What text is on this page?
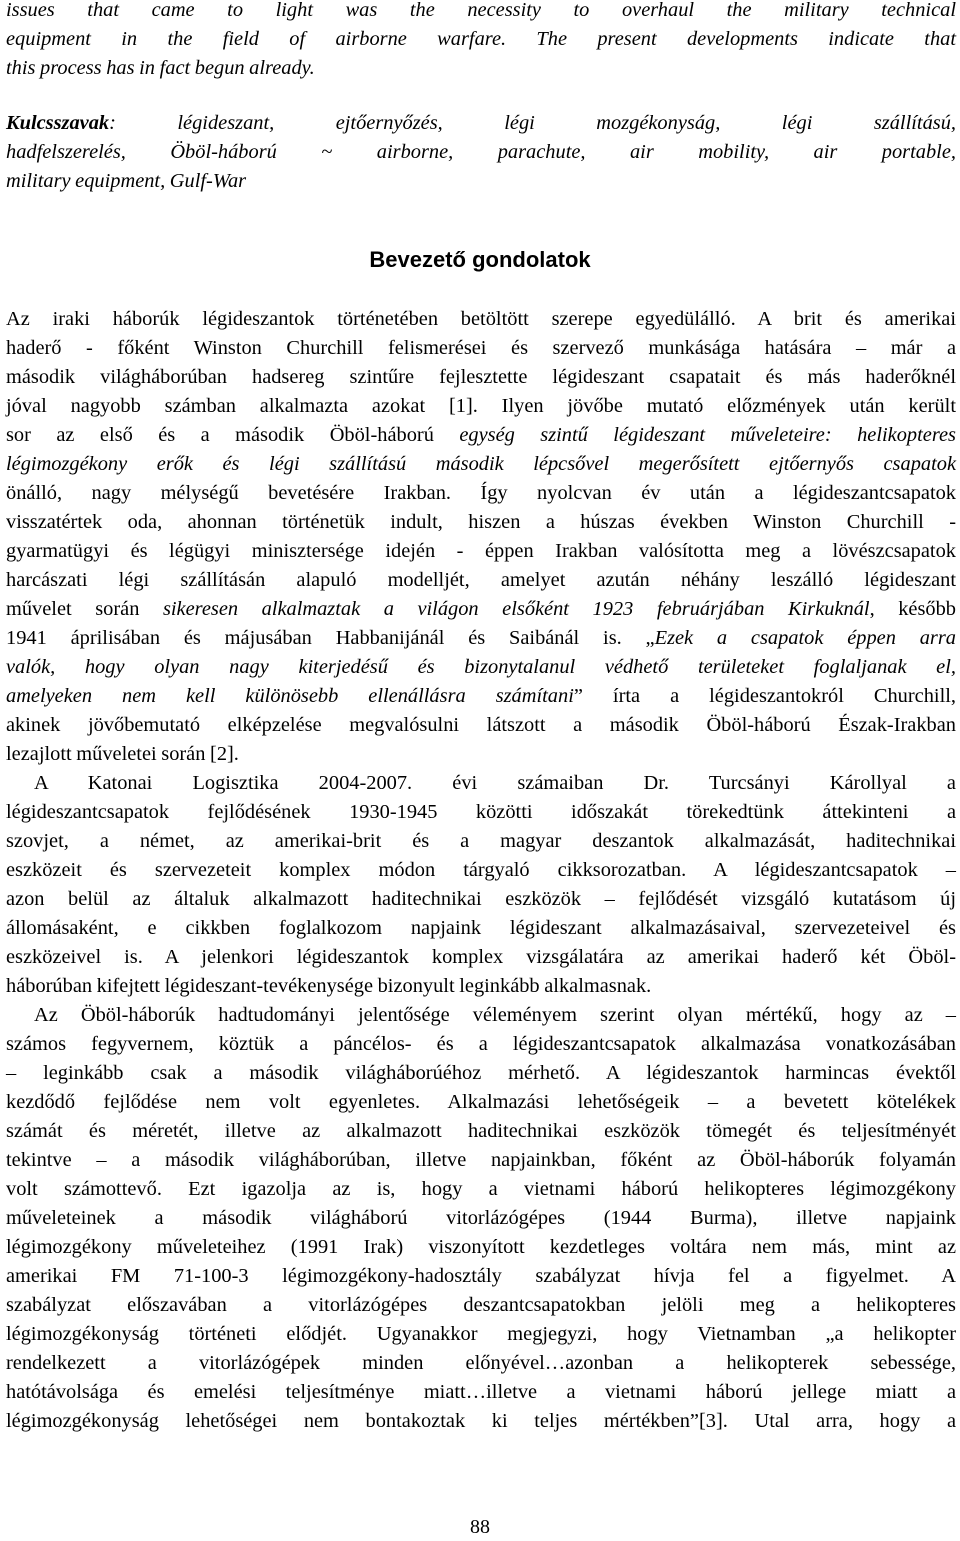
issues that came to light was the necessity to overhaul the military technical
equipment in the field of airborne warfare. The present developments indicate that
this process has in fact begun already.
Kulcsszavak: légideszant, ejtőernyőzés, légi mozgékonyság, légi szállítású,
hadfelszerelés, Öböl-háború ~ airborne, parachute, air mobility, air portable,
military equipment, Gulf-War
Bevezető gondolatok
Az iraki háborúk légideszantok történetében betöltött szerepe egyedülálló. A brit és amerikai
haderő - főként Winston Churchill felismerései és szervező munkásága hatására – már a
második világháborúban hadsereg szintűre fejlesztette légideszant csapatait és más haderőknél
jóval nagyobb számban alkalmazta azokat [1]. Ilyen jövőbe mutató előzmények után került
sor az első és a második Öböl-háború egység szintű légideszant műveleteire: helikopteres
légimozgékony erők és légi szállítású második lépcsővel megerősített ejtőernyős csapatok
önálló, nagy mélységű bevetésére Irakban. Így nyolcvan év után a légideszantcsapatok
visszatértek oda, ahonnan történetük indult, hiszen a húszas években Winston Churchill -
gyarmatügyi és légügyi minisztersége idején - éppen Irakban valósította meg a lövészcsapatok
harcászati légi szállításán alapuló modelljét, amelyet azután néhány leszálló légideszant
művelet során sikeresen alkalmaztak a világon elsőként 1923 februárjában Kirkuknál, később
1941 áprilisában és májusában Habbanijánál és Saibánál is. „Ezek a csapatok éppen arra
valók, hogy olyan nagy kiterjedésű és bizonytalanul védhető területeket foglaljanak el,
amelyeken nem kell különösebb ellenállásra számítani” írta a légideszantokról Churchill,
akinek jövőbemutató elképzelése megvalósulni látszott a második Öböl-háború Észak-Irakban
lezajlott műveletei során [2].
A Katonai Logisztika 2004-2007. évi számaiban Dr. Turcsányi Károllyal a
légideszantcsapatok fejlődésének 1930-1945 közötti időszakát törekedtünk áttekinteni a
szovjet, a német, az amerikai-brit és a magyar deszantok alkalmazását, haditechnikai
eszközeit és szervezeteit komplex módon tárgyaló cikksorozatban. A légideszantcsapatok –
azon belül az általuk alkalmazott haditechnikai eszközök – fejlődését vizsgáló kutatásom új
állomásaként, e cikkben foglalkozom napjaink légideszant alkalmazásaival, szervezeteivel és
eszközeivel is. A jelenkori légideszantok komplex vizsgálatára az amerikai haderő két Öböl-
háborúban kifejtett légideszant-tevékenysége bizonyult leginkább alkalmasnak.
Az Öböl-háborúk hadtudományi jelentősége véleményem szerint olyan mértékű, hogy az –
számos fegyvernem, köztük a páncélos- és a légideszantcsapatok alkalmazása vonatkozásában
– leginkább csak a második világháborúéhoz mérhető. A légideszantok harmincas évektől
kezdődő fejlődése nem volt egyenletes. Alkalmazási lehetőségeik – a bevetett kötelékek
számát és méretét, illetve az alkalmazott haditechnikai eszközök tömegét és teljesítményét
tekintve – a második világháborúban, illetve napjainkban, főként az Öböl-háborúk folyamán
volt számottevő. Ezt igazolja az is, hogy a vietnami háború helikopteres légimozgékony
műveleteinek a második világháború vitorlázógépes (1944 Burma), illetve napjaink
légimozgékony műveleteihez (1991 Irak) viszonyított kezdetleges voltára nem más, mint az
amerikai FM 71-100-3 légimozgékony-hadosztály szabályzat hívja fel a figyelmet. A
szabályzat előszavában a vitorlázógépes deszantcsapatokban jelöli meg a helikopteres
légimozgékonyság történeti elődjét. Ugyanakkor megjegyzi, hogy Vietnamban „a helikopter
rendelkezett a vitorlázógépek minden előnyével…azonban a helikopterek sebessége,
hatótávolsága és emelési teljesítménye miatt…illetve a vietnami háború jellege miatt a
légimozgékonyság lehetőségei nem bontakoztak ki teljes mértékben”[3]. Utal arra, hogy a
88
